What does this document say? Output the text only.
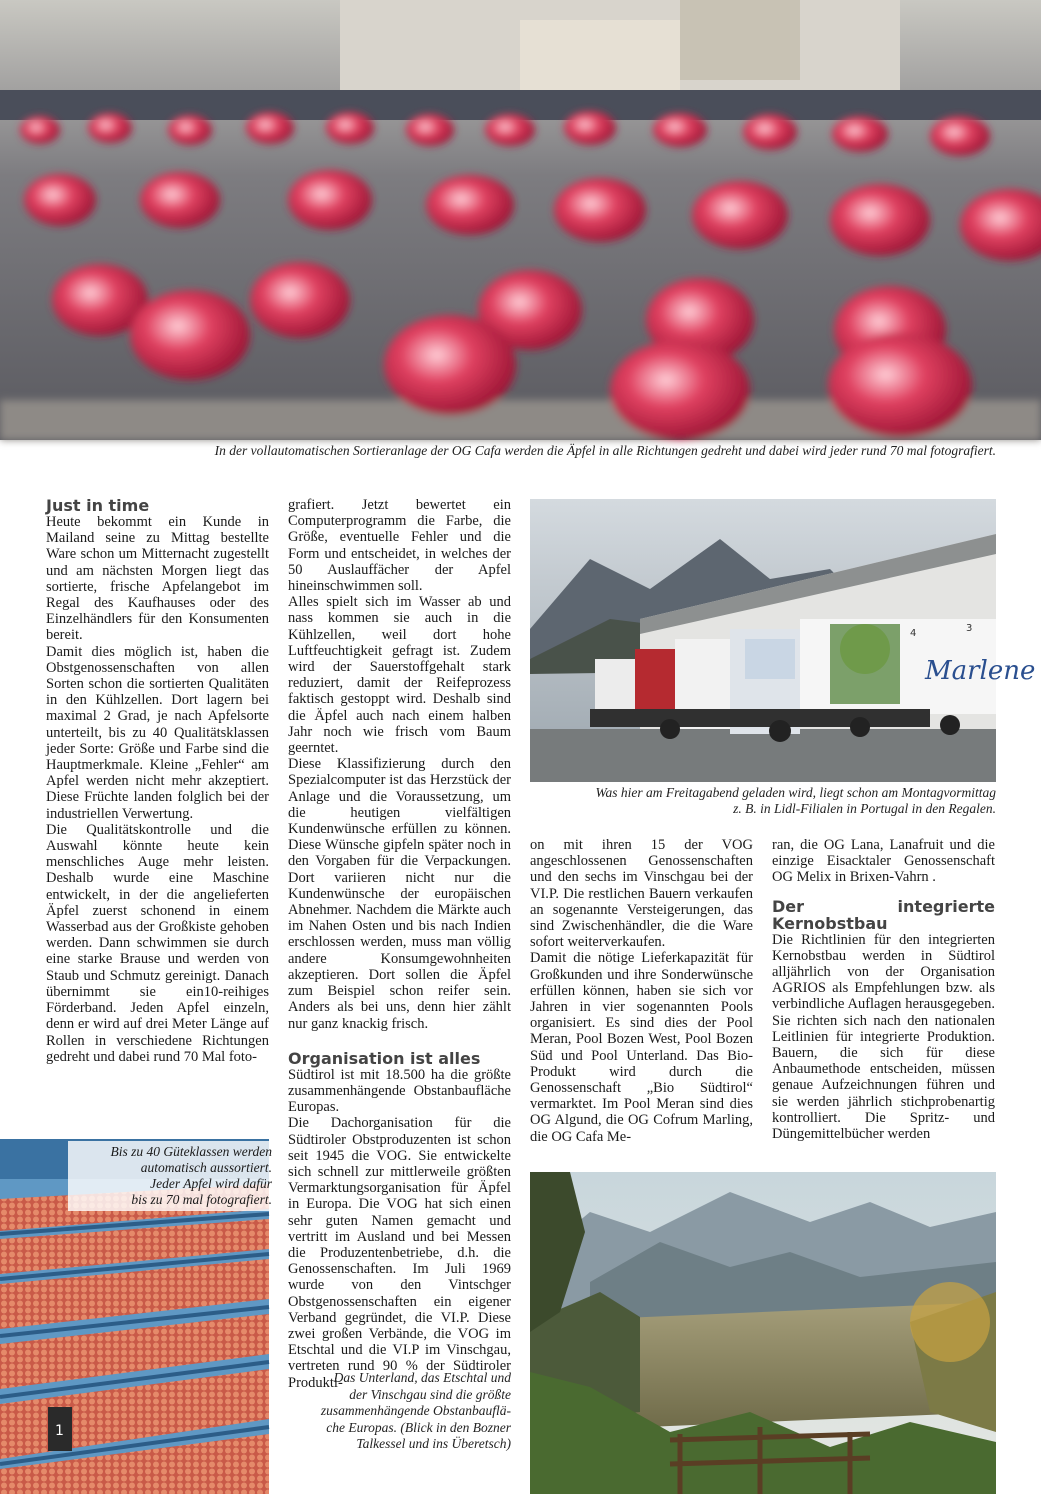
In der vollautomatischen Sortieranlage der OG Cafa werden die Äpfel in alle Richtungen gedreht und dabei wird jeder rund 70 mal fotografiert.
Just in time

Heute bekommt ein Kunde in Mailand seine zu Mittag bestellte Ware schon um Mitternacht zugestellt und am nächsten Morgen liegt das sortierte, frische Apfelangebot im Regal des Kaufhauses oder des Einzelhändlers für den Konsumenten bereit.

Damit dies möglich ist, haben die Obstgenossenschaften von allen Sorten schon die sortierten Qualitäten in den Kühlzellen. Dort lagern bei maximal 2 Grad, je nach Apfelsorte unterteilt, bis zu 40 Qualitätsklassen jeder Sorte: Größe und Farbe sind die Hauptmerkmale. Kleine „Fehler“ am Apfel werden nicht mehr akzeptiert. Diese Früchte landen folglich bei der industriellen Verwertung.

Die Qualitätskontrolle und die Auswahl könnte heute kein menschliches Auge mehr leisten. Deshalb wurde eine Maschine entwickelt, in der die angelieferten Äpfel zuerst schonend in einem Wasserbad aus der Großkiste gehoben werden. Dann schwimmen sie durch eine starke Brause und werden von Staub und Schmutz gereinigt. Danach übernimmt sie ein10-reihiges Förderband. Jeden Apfel einzeln, denn er wird auf drei Meter Länge auf Rollen in verschiedene Richtungen gedreht und dabei rund 70 Mal foto-

grafiert. Jetzt bewertet ein Computerprogramm die Farbe, die Größe, eventuelle Fehler und die Form und entscheidet, in welches der 50 Auslauffächer der Apfel hineinschwimmen soll.

Alles spielt sich im Wasser ab und nass kommen sie auch in die Kühlzellen, weil dort hohe Luftfeuchtigkeit gefragt ist. Zudem wird der Sauerstoffgehalt stark reduziert, damit der Reifeprozess faktisch gestoppt wird. Deshalb sind die Äpfel auch nach einem halben Jahr noch wie frisch vom Baum geerntet.

Diese Klassifizierung durch den Spezialcomputer ist das Herzstück der Anlage und die Voraussetzung, um die heutigen vielfältigen Kundenwünsche erfüllen zu können. Diese Wünsche gipfeln später noch in den Vorgaben für die Verpackungen. Dort variieren nicht nur die Kundenwünsche der europäischen Abnehmer. Nachdem die Märkte auch im Nahen Osten und bis nach Indien erschlossen werden, muss man völlig andere Konsumgewohnheiten akzeptieren. Dort sollen die Äpfel zum Beispiel schon reifer sein. Anders als bei uns, denn hier zählt nur ganz knackig frisch.

Organisation ist alles

Südtirol ist mit 18.500 ha die größte zusammenhängende Obstanbaufläche Europas.

Die Dachorganisation für die Südtiroler Obstproduzenten ist schon seit 1945 die VOG. Sie entwickelte sich schnell zur mittlerweile größten Vermarktungsorganisation für Äpfel in Europa. Die VOG hat sich einen sehr guten Namen gemacht und vertritt im Ausland und bei Messen die Produzentenbetriebe, d.h. die Genossenschaften. Im Juli 1969 wurde von den Vintschger Obstgenossenschaften ein eigener Verband gegründet, die VI.P. Diese zwei großen Verbände, die VOG im Etschtal und die VI.P im Vinschgau, vertreten rund 90 % der Südtiroler Produkti-

Marlene
4	3
Was hier am Freitagabend geladen wird, liegt schon am Montagvormittag
z. B. in Lidl-Filialen in Portugal in den Regalen.

on mit ihren 15 der VOG angeschlossenen Genossenschaften und den sechs im Vinschgau bei der VI.P. Die restlichen Bauern verkaufen an sogenannte Versteigerungen, das sind Zwischenhändler, die die Ware sofort weiterverkaufen.

Damit die nötige Lieferkapazität für Großkunden und ihre Sonderwünsche erfüllen können, haben sie sich vor Jahren in vier sogenannten Pools organisiert. Es sind dies der Pool Meran, Pool Bozen West, Pool Bozen Süd und Pool Unterland. Das Bio-Produkt wird durch die Genossenschaft „Bio Südtirol“ vermarktet. Im Pool Meran sind dies OG Algund, die OG Cofrum Marling, die OG Cafa Me-

ran, die OG Lana, Lanafruit und die einzige Eisacktaler Genossenschaft OG Melix in Brixen-Vahrn .

Der integrierte Kernobstbau

Die Richtlinien für den integrierten Kernobstbau werden in Südtirol alljährlich von der Organisation AGRIOS als Empfehlungen bzw. als verbindliche Auflagen herausgegeben. Sie richten sich nach den nationalen Leitlinien für integrierte Produktion. Bauern, die sich für diese Anbaumethode entscheiden, müssen genaue Aufzeichnungen führen und sie werden jährlich stichprobenartig kontrolliert. Die Spritz- und Düngemittelbücher werden

1
Bis zu 40 Güteklassen werden
automatisch aussortiert.
Jeder Apfel wird dafür
bis zu 70 mal fotografiert.
Das Unterland, das Etschtal und
der Vinschgau sind die größte
zusammenhängende Obstanbauflä-
che Europas. (Blick in den Bozner
Talkessel und ins Überetsch)
